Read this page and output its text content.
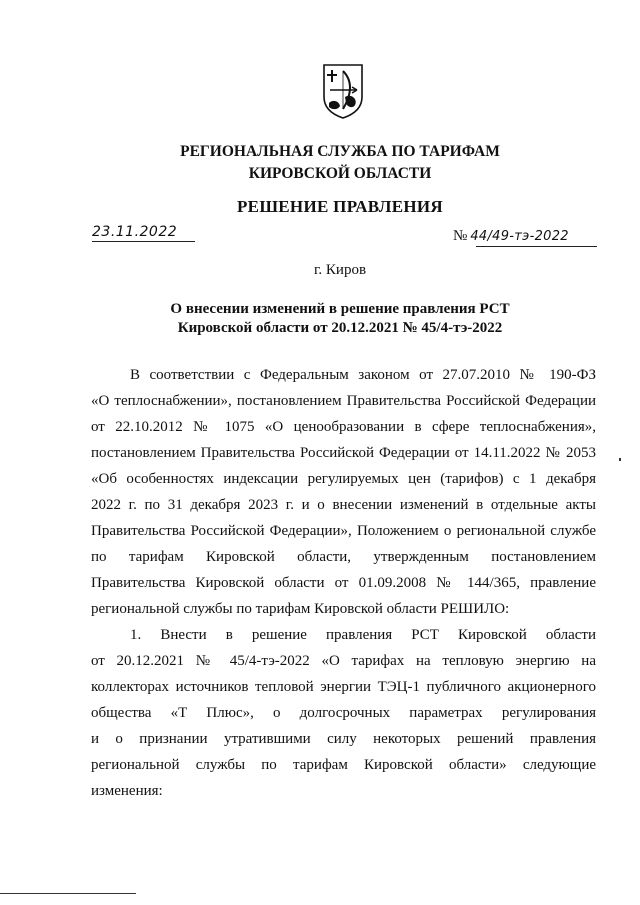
РЕГИОНАЛЬНАЯ СЛУЖБА ПО ТАРИФАМ
КИРОВСКОЙ ОБЛАСТИ
РЕШЕНИЕ ПРАВЛЕНИЯ
23.11.2022	№ 44/49-тэ-2022
г. Киров
О внесении изменений в решение правления РСТ
Кировской области от 20.12.2021 № 45/4-тэ-2022
В соответствии с Федеральным законом от 27.07.2010 № 190-ФЗ
«О теплоснабжении», постановлением Правительства Российской Федерации
от 22.10.2012 № 1075 «О ценообразовании в сфере теплоснабжения»,
постановлением Правительства Российской Федерации от 14.11.2022 № 2053
«Об особенностях индексации регулируемых цен (тарифов) с 1 декабря
2022 г. по 31 декабря 2023 г. и о внесении изменений в отдельные акты
Правительства Российской Федерации», Положением о региональной службе
по тарифам Кировской области, утвержденным постановлением
Правительства Кировской области от 01.09.2008 № 144/365, правление
региональной службы по тарифам Кировской области РЕШИЛО:
1. Внести в решение правления РСТ Кировской области
от 20.12.2021 № 45/4-тэ-2022 «О тарифах на тепловую энергию на
коллекторах источников тепловой энергии ТЭЦ-1 публичного акционерного
общества «Т Плюс», о долгосрочных параметрах регулирования
и о признании утратившими силу некоторых решений правления
региональной службы по тарифам Кировской области» следующие
изменения:
